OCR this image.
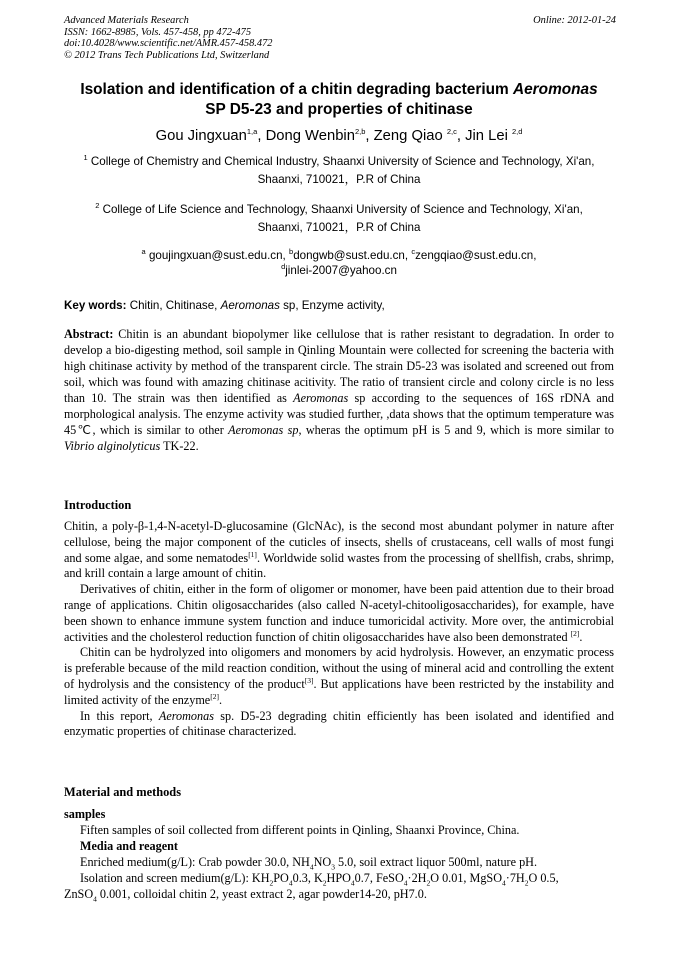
Advanced Materials Research
ISSN: 1662-8985, Vols. 457-458, pp 472-475
doi:10.4028/www.scientific.net/AMR.457-458.472
© 2012 Trans Tech Publications Ltd, Switzerland
Online: 2012-01-24
Isolation and identification of a chitin degrading bacterium Aeromonas
SP D5-23 and properties of chitinase
Gou Jingxuan$^{1,a}$, Dong Wenbin$^{2,b}$, Zeng Qiao $^{2,c}$, Jin Lei $^{2,d}$
$^1$ College of Chemistry and Chemical Industry, Shaanxi University of Science and Technology, Xi'an,
Shaanxi, 710021，P.R of China
$^2$ College of Life Science and Technology, Shaanxi University of Science and Technology, Xi'an,
Shaanxi, 710021，P.R of China
$^a$ goujingxuan@sust.edu.cn, $^b$dongwb@sust.edu.cn, $^c$zengqiao@sust.edu.cn,
$^d$jinlei-2007@yahoo.cn
Key words: Chitin, Chitinase, Aeromonas sp, Enzyme activity,
Abstract: Chitin is an abundant biopolymer like cellulose that is rather resistant to degradation. In order to develop a bio-digesting method, soil sample in Qinling Mountain were collected for screening the bacteria with high chitinase activity by method of the transparent circle. The strain D5-23 was isolated and screened out from soil, which was found with amazing chitinase acitivity. The ratio of transient circle and colony circle is no less than 10. The strain was then identified as Aeromonas sp according to the sequences of 16S rDNA and morphological analysis. The enzyme activity was studied further, ,data shows that the optimum temperature was 45℃, which is similar to other Aeromonas sp, wheras the optimum pH is 5 and 9, which is more similar to Vibrio alginolyticus TK-22.
Introduction

Chitin, a poly-β-1,4-N-acetyl-D-glucosamine (GlcNAc), is the second most abundant polymer in nature after cellulose, being the major component of the cuticles of insects, shells of crustaceans, cell walls of most fungi and some algae, and some nematodes[1]. Worldwide solid wastes from the processing of shellfish, crabs, shrimp, and krill contain a large amount of chitin.

Derivatives of chitin, either in the form of oligomer or monomer, have been paid attention due to their broad range of applications. Chitin oligosaccharides (also called N-acetyl-chitooligosaccharides), for example, have been shown to enhance immune system function and induce tumoricidal activity. More over, the antimicrobial activities and the cholesterol reduction function of chitin oligosaccharides have also been demonstrated [2].

Chitin can be hydrolyzed into oligomers and monomers by acid hydrolysis. However, an enzymatic process is preferable because of the mild reaction condition, without the using of mineral acid and controlling the extent of hydrolysis and the consistency of the product[3]. But applications have been restricted by the instability and limited activity of the enzyme[2].

In this report, Aeromonas sp. D5-23 degrading chitin efficiently has been isolated and identified and enzymatic properties of chitinase characterized.

Material and methods
samples
Fiften samples of soil collected from different points in Qinling, Shaanxi Province, China.
Media and reagent
Enriched medium(g/L): Crab powder 30.0, $NH_4NO_3$ 5.0, soil extract liquor 500ml, nature pH.
Isolation and screen medium(g/L): $KH_2PO_40.3$, $K_2HPO_40.7$, $FeSO_4\cdot 2H_2O$ 0.01, $MgSO_4\cdot 7H_2O$ 0.5,
ZnSO$_4$ 0.001, colloidal chitin 2, yeast extract 2, agar powder14-20, pH7.0.
